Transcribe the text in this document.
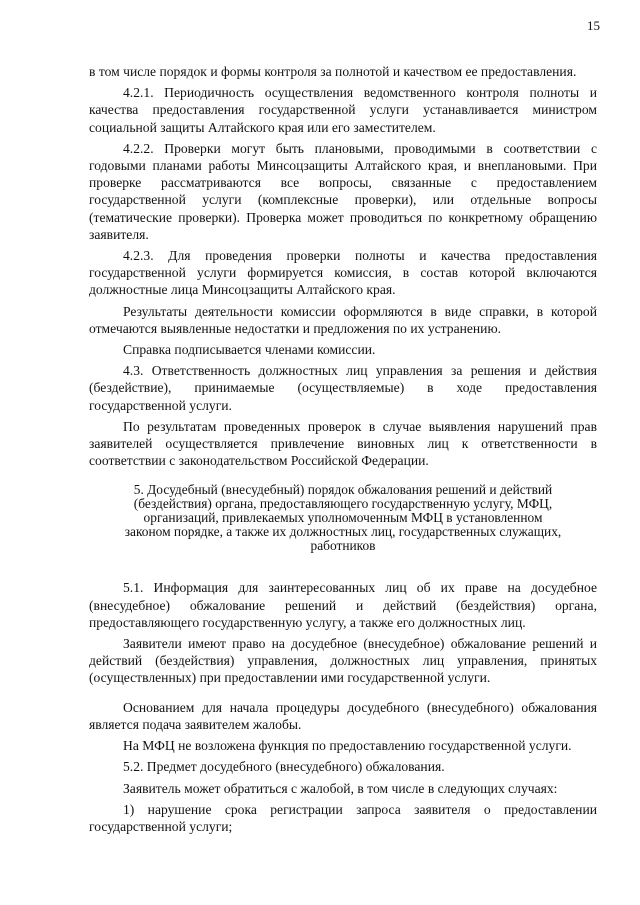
15

в том числе порядок и формы контроля за полнотой и качеством ее предоставления.

4.2.1. Периодичность осуществления ведомственного контроля полноты и качества предоставления государственной услуги устанавливается министром социальной защиты Алтайского края или его заместителем.

4.2.2. Проверки могут быть плановыми, проводимыми в соответствии с годовыми планами работы Минсоцзащиты Алтайского края, и внеплановыми. При проверке рассматриваются все вопросы, связанные с предоставлением государственной услуги (комплексные проверки), или отдельные вопросы (тематические проверки). Проверка может проводиться по конкретному обращению заявителя.

4.2.3. Для проведения проверки полноты и качества предоставления государственной услуги формируется комиссия, в состав которой включаются должностные лица Минсоцзащиты Алтайского края.

Результаты деятельности комиссии оформляются в виде справки, в которой отмечаются выявленные недостатки и предложения по их устранению.

Справка подписывается членами комиссии.

4.3. Ответственность должностных лиц управления за решения и действия (бездействие), принимаемые (осуществляемые) в ходе предоставления государственной услуги.

По результатам проведенных проверок в случае выявления нарушений прав заявителей осуществляется привлечение виновных лиц к ответственности в соответствии с законодательством Российской Федерации.

5. Досудебный (внесудебный) порядок обжалования решений и действий (бездействия) органа, предоставляющего государственную услугу, МФЦ, организаций, привлекаемых уполномоченным МФЦ в установленном законом порядке, а также их должностных лиц, государственных служащих, работников

5.1. Информация для заинтересованных лиц об их праве на досудебное (внесудебное) обжалование решений и действий (бездействия) органа, предоставляющего государственную услугу, а также его должностных лиц.

Заявители имеют право на досудебное (внесудебное) обжалование решений и действий (бездействия) управления, должностных лиц управления, принятых (осуществленных) при предоставлении ими государственной услуги.

Основанием для начала процедуры досудебного (внесудебного) обжалования является подача заявителем жалобы.

На МФЦ не возложена функция по предоставлению государственной услуги.

5.2. Предмет досудебного (внесудебного) обжалования.

Заявитель может обратиться с жалобой, в том числе в следующих случаях:

1) нарушение срока регистрации запроса заявителя о предоставлении государственной услуги;
